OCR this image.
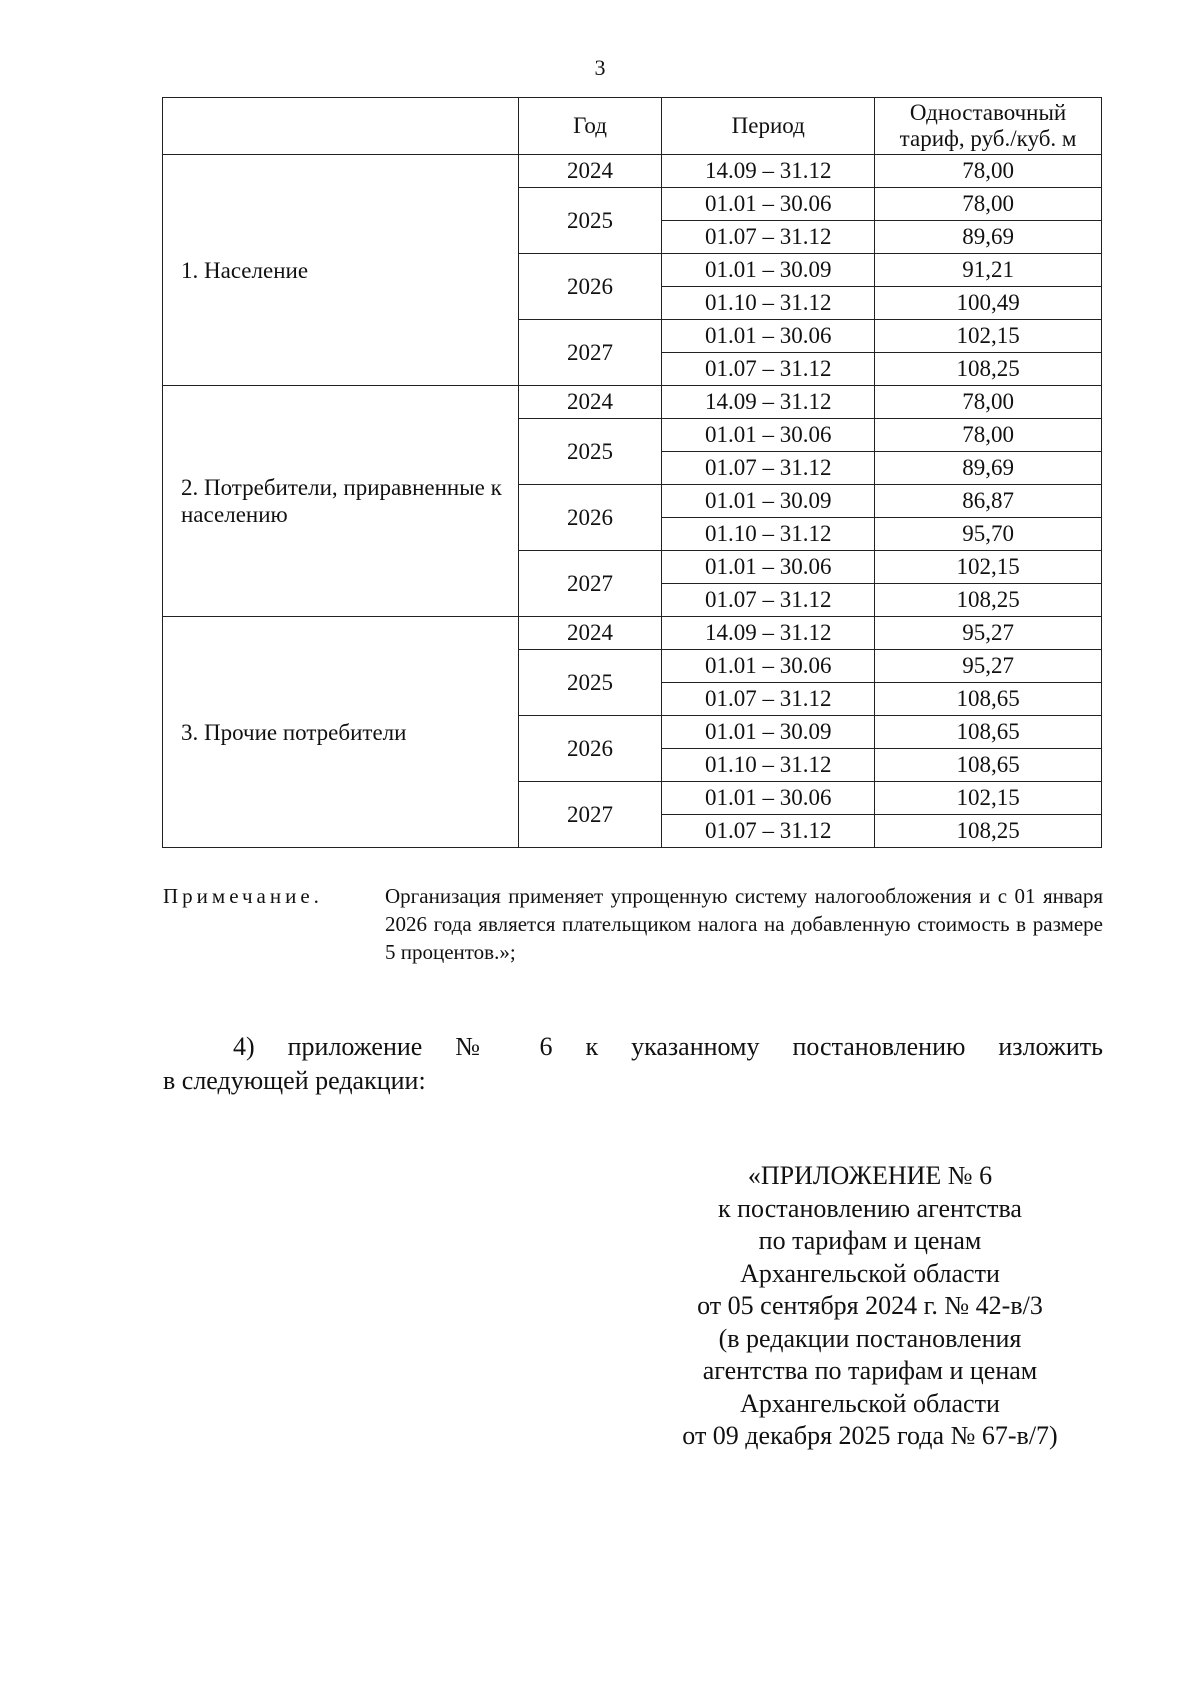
3
	Год	Период	Одноставочный тариф, руб./куб. м
1. Население	2024	14.09 – 31.12	78,00
	2025	01.01 – 30.06	78,00
		01.07 – 31.12	89,69
	2026	01.01 – 30.09	91,21
		01.10 – 31.12	100,49
	2027	01.01 – 30.06	102,15
		01.07 – 31.12	108,25
2. Потребители, приравненные к населению	2024	14.09 – 31.12	78,00
	2025	01.01 – 30.06	78,00
		01.07 – 31.12	89,69
	2026	01.01 – 30.09	86,87
		01.10 – 31.12	95,70
	2027	01.01 – 30.06	102,15
		01.07 – 31.12	108,25
3. Прочие потребители	2024	14.09 – 31.12	95,27
	2025	01.01 – 30.06	95,27
		01.07 – 31.12	108,65
	2026	01.01 – 30.09	108,65
		01.10 – 31.12	108,65
	2027	01.01 – 30.06	102,15
		01.07 – 31.12	108,25
Примечание.	Организация применяет упрощенную систему налогообложения и с 01 января 2026 года является плательщиком налога на добавленную стоимость в размере 5 процентов.»;

4) приложение № 6 к указанному постановлению изложить

в следующей редакции:

«ПРИЛОЖЕНИЕ № 6
к постановлению агентства
по тарифам и ценам
Архангельской области
от 05 сентября 2024 г. № 42-в/3
(в редакции постановления
агентства по тарифам и ценам
Архангельской области
от 09 декабря 2025 года № 67-в/7)
